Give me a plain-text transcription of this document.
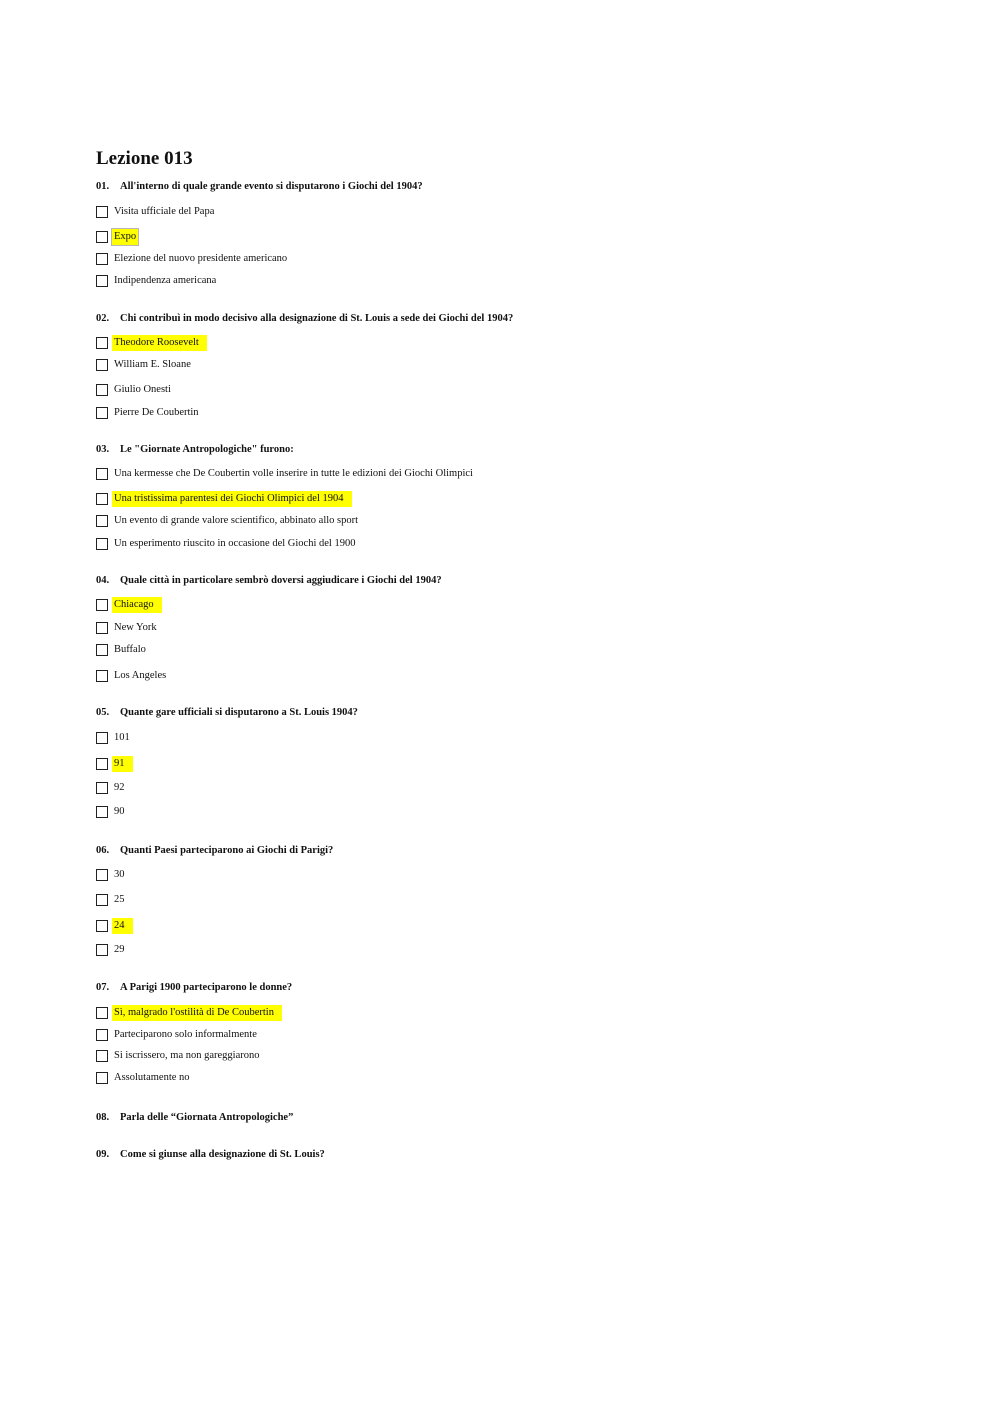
Lezione 013
01. All'interno di quale grande evento si disputarono i Giochi del 1904?
Visita ufficiale del Papa
Expo
Elezione del nuovo presidente americano
Indipendenza americana
02. Chi contribuì in modo decisivo alla designazione di St. Louis a sede dei Giochi del 1904?
Theodore Roosevelt
William E. Sloane
Giulio Onesti
Pierre De Coubertin
03. Le "Giornate Antropologiche" furono:
Una kermesse che De Coubertin volle inserire in tutte le edizioni dei Giochi Olimpici
Una tristissima parentesi dei Giochi Olimpici del 1904
Un evento di grande valore scientifico, abbinato allo sport
Un esperimento riuscito in occasione del Giochi del 1900
04. Quale città in particolare sembrò doversi aggiudicare i Giochi del 1904?
Chiacago
New York
Buffalo
Los Angeles
05. Quante gare ufficiali si disputarono a St. Louis 1904?
101
91
92
90
06. Quanti Paesi parteciparono ai Giochi di Parigi?
30
25
24
29
07. A Parigi 1900 parteciparono le donne?
Sì, malgrado l'ostilità di De Coubertin
Parteciparono solo informalmente
Si iscrissero, ma non gareggiarono
Assolutamente no
08. Parla delle “Giornata Antropologiche”
09. Come si giunse alla designazione di St. Louis?
